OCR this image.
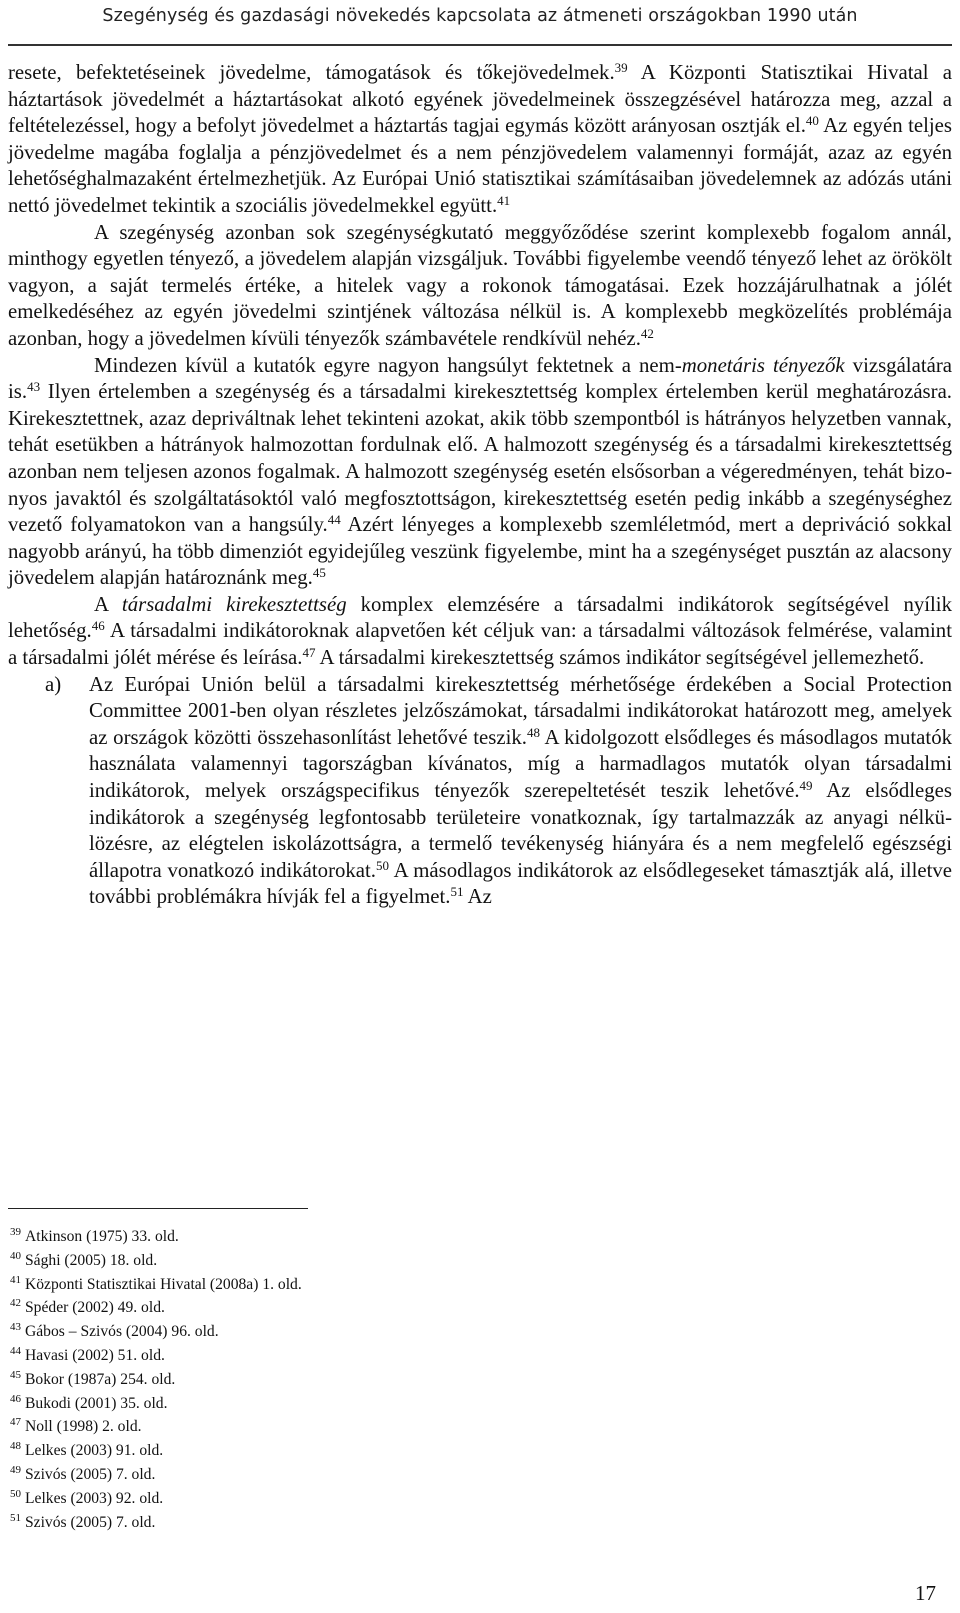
Szegénység és gazdasági növekedés kapcsolata az átmeneti országokban 1990 után

resete, befektetéseinek jövedelme, támogatások és tőkejövedelmek.$^{39}$ A Központi Statisztikai Hivatal a háztartások jövedelmét a háztartásokat alkotó egyének jövedelmeinek összegzésével határozza meg, azzal a feltételezéssel, hogy a befolyt jövedelmet a háztartás tagjai egymás között arányosan osztják el.$^{40}$ Az egyén teljes jövedelme magába foglalja a pénzjövedelmet és a nem pénzjövedelem valamennyi formáját, azaz az egyén lehetőséghalmazaként értelmezhetjük. Az Európai Unió statisztikai számításaiban jövedelemnek az adózás utáni nettó jövedelmet tekintik a szociális jövedelmekkel együtt.$^{41}$

A szegénység azonban sok szegénységkutató meggyőződése szerint komplexebb fogalom annál, minthogy egyetlen tényező, a jövedelem alapján vizsgáljuk. További figyelembe veendő tényező lehet az örökölt vagyon, a saját termelés értéke, a hitelek vagy a rokonok támogatásai. Ezek hozzájárulhatnak a jólét emelkedéséhez az egyén jövedelmi szintjének változása nélkül is. A komplexebb megközelítés problémája azonban, hogy a jövedelmen kívüli tényezők számbavétele rendkívül nehéz.$^{42}$

Mindezen kívül a kutatók egyre nagyon hangsúlyt fektetnek a nem-monetáris tényezők vizsgálatára is.$^{43}$ Ilyen értelemben a szegénység és a társadalmi kirekesztettség komplex értelemben kerül meghatározásra. Kirekesztettnek, azaz depriváltnak lehet tekinteni azokat, akik több szempontból is hátrányos helyzetben vannak, tehát esetükben a hátrányok halmozottan fordulnak elő. A halmozott szegénység és a társadalmi kirekesztettség azonban nem teljesen azonos fogalmak. A halmozott szegénység esetén elsősorban a végeredményen, tehát bizonyos javaktól és szolgáltatásoktól való megfosztottságon, kirekesztettség esetén pedig inkább a szegénységhez vezető folyamatokon van a hangsúly.$^{44}$ Azért lényeges a komplexebb szemléletmód, mert a depriváció sokkal nagyobb arányú, ha több dimenziót egyidejűleg veszünk figyelembe, mint ha a szegénységet pusztán az alacsony jövedelem alapján határoznánk meg.$^{45}$

A társadalmi kirekesztettség komplex elemzésére a társadalmi indikátorok segítségével nyílik lehetőség.$^{46}$ A társadalmi indikátoroknak alapvetően két céljuk van: a társadalmi változások felmérése, valamint a társadalmi jólét mérése és leírása.$^{47}$ A társadalmi kirekesztettség számos indikátor segítségével jellemezhető.

a) Az Európai Unión belül a társadalmi kirekesztettség mérhetősége érdekében a Social Protection Committee 2001-ben olyan részletes jelzőszámokat, társadalmi indikátorokat határozott meg, amelyek az országok közötti összehasonlítást lehetővé teszik.$^{48}$ A kidolgozott elsődleges és másodlagos mutatók használata valamennyi tagországban kívánatos, míg a harmadlagos mutatók olyan társadalmi indikátorok, melyek országspecifikus tényezők szerepeltetését teszik lehetővé.$^{49}$ Az elsődleges indikátorok a szegénység legfontosabb területeire vonatkoznak, így tartalmazzák az anyagi nélkülözésre, az elégtelen iskolázottságra, a termelő tevékenység hiányára és a nem megfelelő egészségi állapotra vonatkozó indikátorokat.$^{50}$ A másodlagos indikátorok az elsődlegeseket támasztják alá, illetve további problémákra hívják fel a figyelmet.$^{51}$ Az
$^{39}$ Atkinson (1975) 33. old.
$^{40}$ Sághi (2005) 18. old.
$^{41}$ Központi Statisztikai Hivatal (2008a) 1. old.
$^{42}$ Spéder (2002) 49. old.
$^{43}$ Gábos – Szivós (2004) 96. old.
$^{44}$ Havasi (2002) 51. old.
$^{45}$ Bokor (1987a) 254. old.
$^{46}$ Bukodi (2001) 35. old.
$^{47}$ Noll (1998) 2. old.
$^{48}$ Lelkes (2003) 91. old.
$^{49}$ Szivós (2005) 7. old.
$^{50}$ Lelkes (2003) 92. old.
$^{51}$ Szivós (2005) 7. old.
17
